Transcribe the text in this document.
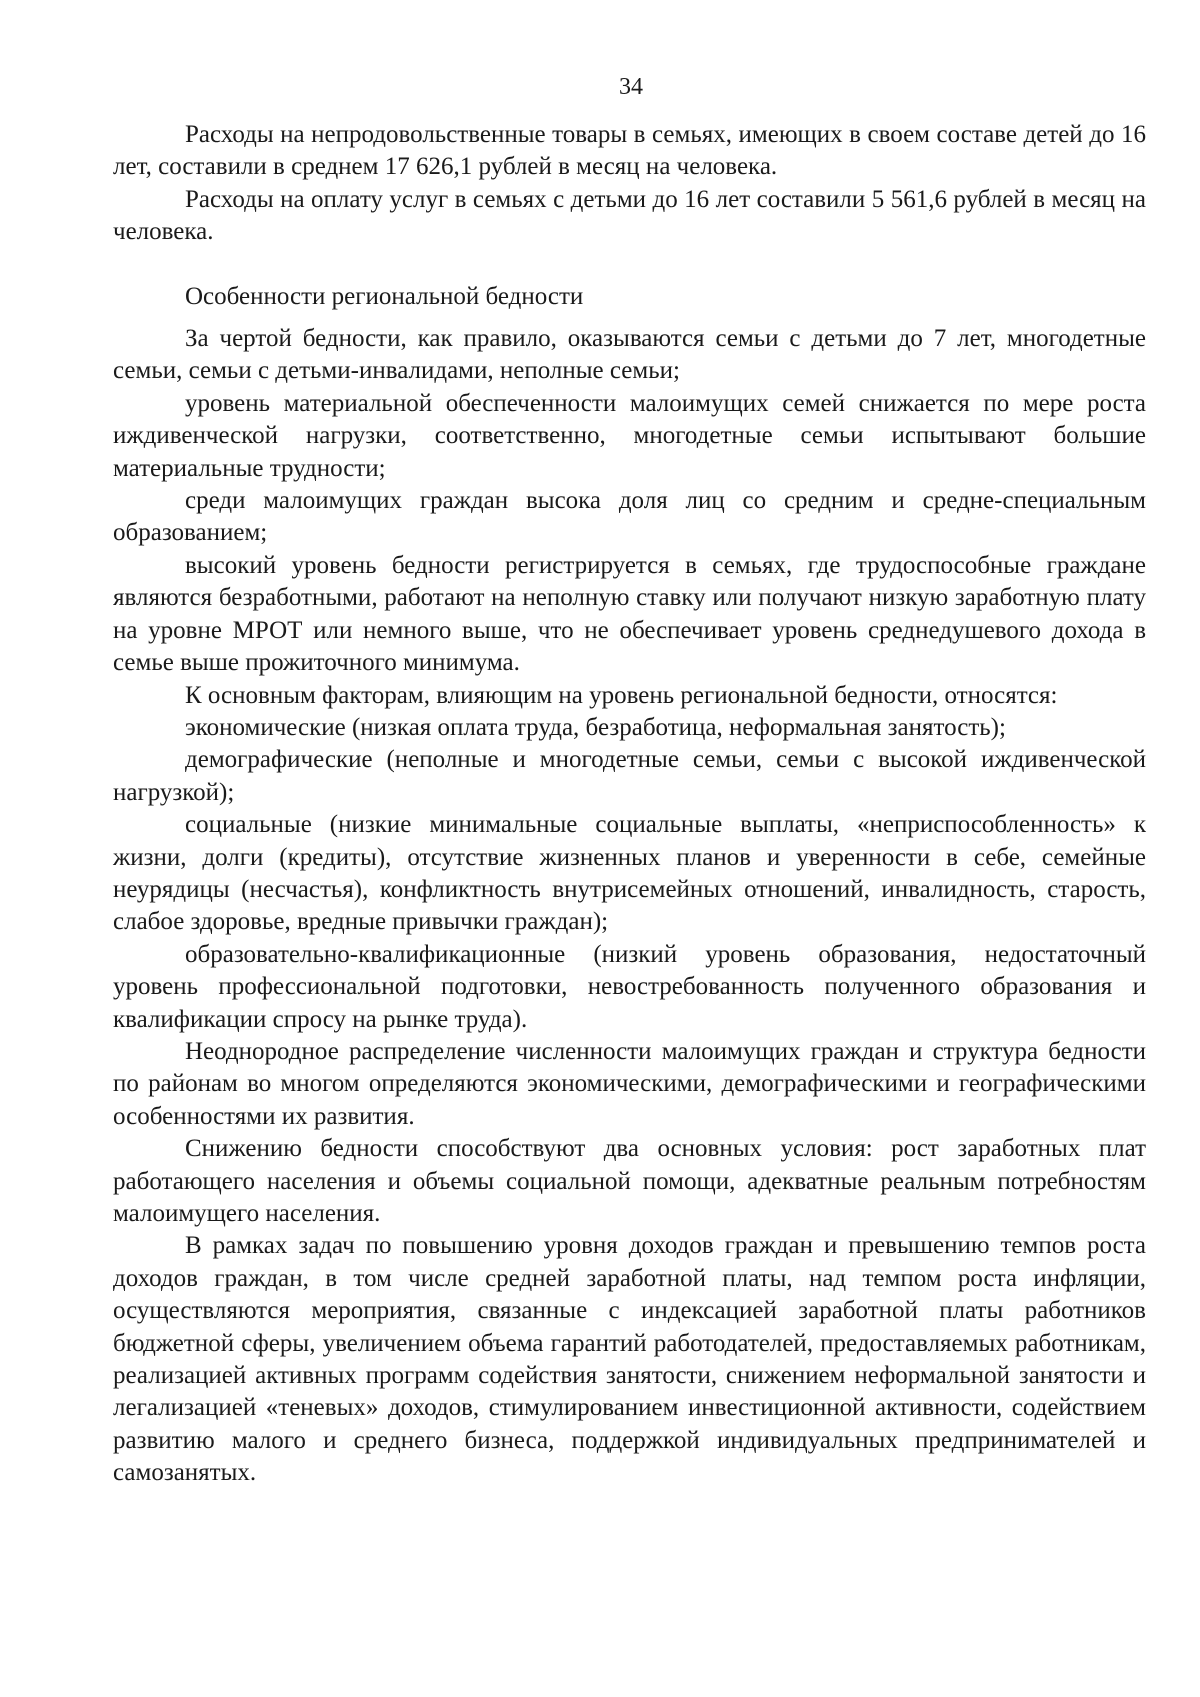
34

Расходы на непродовольственные товары в семьях, имеющих в своем составе детей до 16 лет, составили в среднем 17 626,1 рублей в месяц на человека.

Расходы на оплату услуг в семьях с детьми до 16 лет составили 5 561,6 рублей в месяц на человека.

Особенности региональной бедности

За чертой бедности, как правило, оказываются семьи с детьми до 7 лет, многодетные семьи, семьи с детьми-инвалидами, неполные семьи;

уровень материальной обеспеченности малоимущих семей снижается по мере роста иждивенческой нагрузки, соответственно, многодетные семьи испытывают большие материальные трудности;

среди малоимущих граждан высока доля лиц со средним и средне-специальным образованием;

высокий уровень бедности регистрируется в семьях, где трудоспособные граждане являются безработными, работают на неполную ставку или получают низкую заработную плату на уровне МРОТ или немного выше, что не обеспечивает уровень среднедушевого дохода в семье выше прожиточного минимума.

К основным факторам, влияющим на уровень региональной бедности, относятся:

экономические (низкая оплата труда, безработица, неформальная занятость);

демографические (неполные и многодетные семьи, семьи с высокой иждивенческой нагрузкой);

социальные (низкие минимальные социальные выплаты, «неприспособленность» к жизни, долги (кредиты), отсутствие жизненных планов и уверенности в себе, семейные неурядицы (несчастья), конфликтность внутрисемейных отношений, инвалидность, старость, слабое здоровье, вредные привычки граждан);

образовательно-квалификационные (низкий уровень образования, недостаточный уровень профессиональной подготовки, невостребованность полученного образования и квалификации спросу на рынке труда).

Неоднородное распределение численности малоимущих граждан и структура бедности по районам во многом определяются экономическими, демографическими и географическими особенностями их развития.

Снижению бедности способствуют два основных условия: рост заработных плат работающего населения и объемы социальной помощи, адекватные реальным потребностям малоимущего населения.

В рамках задач по повышению уровня доходов граждан и превышению темпов роста доходов граждан, в том числе средней заработной платы, над темпом роста инфляции, осуществляются мероприятия, связанные с индексацией заработной платы работников бюджетной сферы, увеличением объема гарантий работодателей, предоставляемых работникам, реализацией активных программ содействия занятости, снижением неформальной занятости и легализацией «теневых» доходов, стимулированием инвестиционной активности, содействием развитию малого и среднего бизнеса, поддержкой индивидуальных предпринимателей и самозанятых.
